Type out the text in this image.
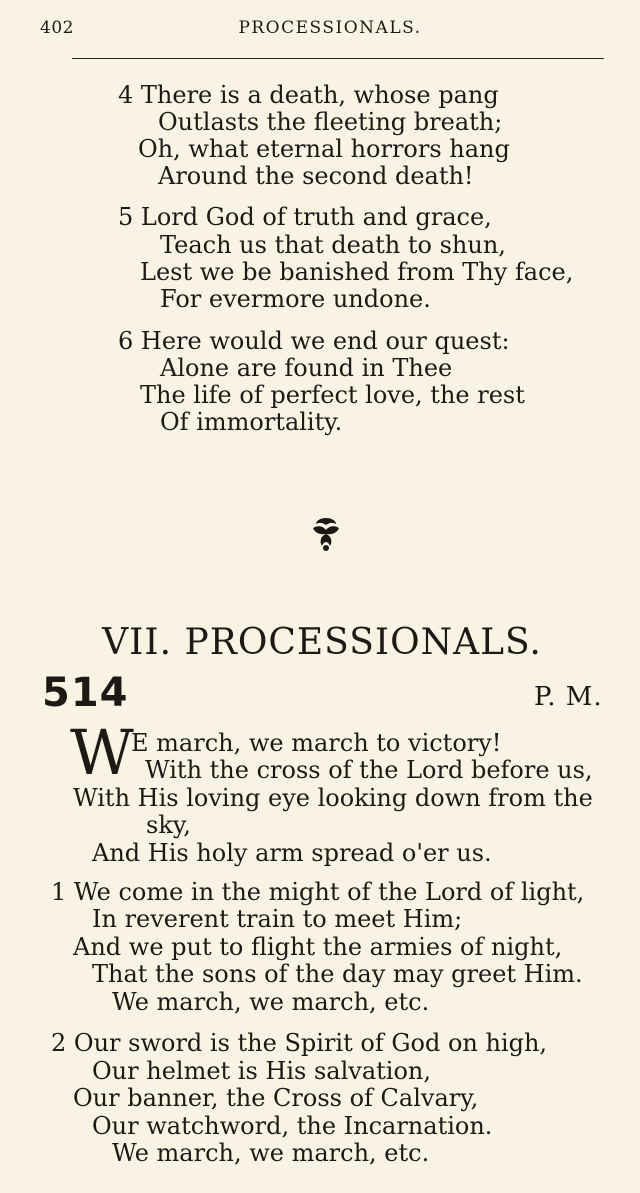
402	PROCESSIONALS.
4 There is a death, whose pang
Outlasts the fleeting breath;
Oh, what eternal horrors hang
Around the second death!
5 Lord God of truth and grace,
Teach us that death to shun,
Lest we be banished from Thy face,
For evermore undone.
6 Here would we end our quest:
Alone are found in Thee
The life of perfect love, the rest
Of immortality.
VII. PROCESSIONALS.
514	P. M.
W
E march, we march to victory!
With the cross of the Lord before us,
With His loving eye looking down from the
sky,
And His holy arm spread o'er us.
1 We come in the might of the Lord of light,
In reverent train to meet Him;
And we put to flight the armies of night,
That the sons of the day may greet Him.
We march, we march, etc.
2 Our sword is the Spirit of God on high,
Our helmet is His salvation,
Our banner, the Cross of Calvary,
Our watchword, the Incarnation.
We march, we march, etc.
